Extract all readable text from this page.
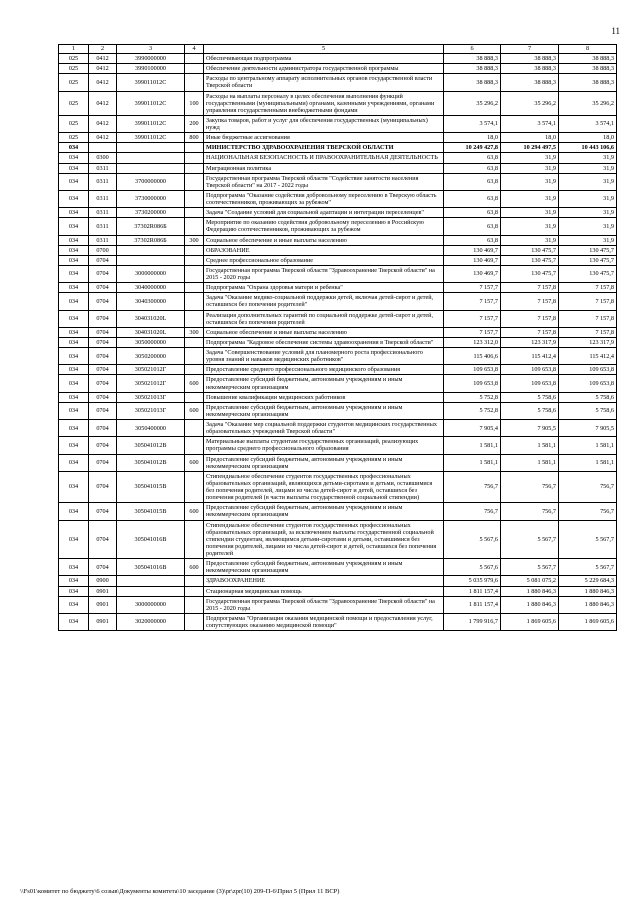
11
1	2	3	4	5	6	7	8
025	0412	3990000000		Обеспечивающая подпрограмма	38 888,3	38 888,3	38 888,3
025	0412	3990100000		Обеспечение деятельности администратора государственной программы	38 888,3	38 888,3	38 888,3
025	0412	399011012С		Расходы по центральному аппарату исполнительных органов государственной власти Тверской области	38 888,3	38 888,3	38 888,3
025	0412	399011012С	100	Расходы на выплаты персоналу в целях обеспечения выполнения функций государственными (муниципальными) органами, казенными учреждениями, органами управления государственными внебюджетными фондами	35 296,2	35 296,2	35 296,2
025	0412	399011012С	200	Закупка товаров, работ и услуг для обеспечения государственных (муниципальных) нужд	3 574,1	3 574,1	3 574,1
025	0412	399011012С	800	Иные бюджетные ассигнования	18,0	18,0	18,0
034				МИНИСТЕРСТВО ЗДРАВООХРАНЕНИЯ ТВЕРСКОЙ ОБЛАСТИ	10 249 427,8	10 294 497,5	10 443 106,6
034	0300			НАЦИОНАЛЬНАЯ БЕЗОПАСНОСТЬ И ПРАВООХРАНИТЕЛЬНАЯ ДЕЯТЕЛЬНОСТЬ	63,8	31,9	31,9
034	0311			Миграционная политика	63,8	31,9	31,9
034	0311	3700000000		Государственная программа Тверской области "Содействие занятости населения Тверской области" на 2017 - 2022 годы	63,8	31,9	31,9
034	0311	3730000000		Подпрограмма "Оказание содействия добровольному переселению в Тверскую область соотечественников, проживающих за рубежом"	63,8	31,9	31,9
034	0311	3730200000		Задача "Создание условий для социальной адаптации и интеграции переселенцев"	63,8	31,9	31,9
034	0311	37302R086Б		Мероприятие по оказанию содействия добровольному переселению в Российскую Федерацию соотечественников, проживающих за рубежом	63,8	31,9	31,9
034	0311	37302R086Б	300	Социальное обеспечение и иные выплаты населению	63,8	31,9	31,9
034	0700			ОБРАЗОВАНИЕ	130 469,7	130 475,7	130 475,7
034	0704			Среднее профессиональное образование	130 469,7	130 475,7	130 475,7
034	0704	3000000000		Государственная программа Тверской области "Здравоохранение Тверской области" на 2015 - 2020 годы	130 469,7	130 475,7	130 475,7
034	0704	3040000000		Подпрограмма "Охрана здоровья матери и ребенка"	7 157,7	7 157,8	7 157,8
034	0704	3040300000		Задача "Оказание медико-социальной поддержки детей, включая детей-сирот и детей, оставшихся без попечения родителей"	7 157,7	7 157,8	7 157,8
034	0704	304031020L		Реализация дополнительных гарантий по социальной поддержке детей-сирот и детей, оставшихся без попечения родителей	7 157,7	7 157,8	7 157,8
034	0704	304031020L	300	Социальное обеспечение и иные выплаты населению	7 157,7	7 157,8	7 157,8
034	0704	3050000000		Подпрограмма "Кадровое обеспечение системы здравоохранения в Тверской области"	123 312,0	123 317,9	123 317,9
034	0704	3050200000		Задача "Совершенствование условий для планомерного роста профессионального уровня знаний и навыков медицинских работников"	115 406,6	115 412,4	115 412,4
034	0704	305021012Г		Предоставление среднего профессионального медицинского образования	109 653,8	109 653,8	109 653,8
034	0704	305021012Г	600	Предоставление субсидий бюджетным, автономным учреждениям и иным некоммерческим организациям	109 653,8	109 653,8	109 653,8
034	0704	305021013Г		Повышение квалификации медицинских работников	5 752,8	5 758,6	5 758,6
034	0704	305021013Г	600	Предоставление субсидий бюджетным, автономным учреждениям и иным некоммерческим организациям	5 752,8	5 758,6	5 758,6
034	0704	3050400000		Задача "Оказание мер социальной поддержки студентов медицинских государственных образовательных учреждений Тверской области"	7 905,4	7 905,5	7 905,5
034	0704	305041012В		Материальные выплаты студентам государственных организаций, реализующих программы среднего профессионального образования	1 581,1	1 581,1	1 581,1
034	0704	305041012В	600	Предоставление субсидий бюджетным, автономным учреждениям и иным некоммерческим организациям	1 581,1	1 581,1	1 581,1
034	0704	305041015В		Стипендиальное обеспечение студентов государственных профессиональных образовательных организаций, являющихся детьми-сиротами и детьми, оставшимися без попечения родителей, лицами из числа детей-сирот и детей, оставшихся без попечения родителей (в части выплаты государственной социальной стипендии)	756,7	756,7	756,7
034	0704	305041015В	600	Предоставление субсидий бюджетным, автономным учреждениям и иным некоммерческим организациям	756,7	756,7	756,7
034	0704	305041016В		Стипендиальное обеспечение студентов государственных профессиональных образовательных организаций, за исключением выплаты государственной социальной стипендии студентам, являющимся детьми-сиротами и детьми, оставшимися без попечения родителей, лицами из числа детей-сирот и детей, оставшихся без попечения родителей	5 567,6	5 567,7	5 567,7
034	0704	305041016В	600	Предоставление субсидий бюджетным, автономным учреждениям и иным некоммерческим организациям	5 567,6	5 567,7	5 567,7
034	0900			ЗДРАВООХРАНЕНИЕ	5 035 979,6	5 081 075,2	5 229 684,3
034	0901			Стационарная медицинская помощь	1 811 157,4	1 880 846,3	1 880 846,3
034	0901	3000000000		Государственная программа Тверской области "Здравоохранение Тверской области" на 2015 - 2020 годы	1 811 157,4	1 880 846,3	1 880 846,3
034	0901	3020000000		Подпрограмма "Организация оказания медицинской помощи и предоставления услуг, сопутствующих оказанию медицинской помощи"	1 799 916,7	1 869 605,6	1 869 605,6
\\Fs01\комитет по бюджету\6 созыв\Документы комитета\10 заседание (3)\pr\zpr(10) 209-П-6\Прил 5 (Прил 11 ВСР)
